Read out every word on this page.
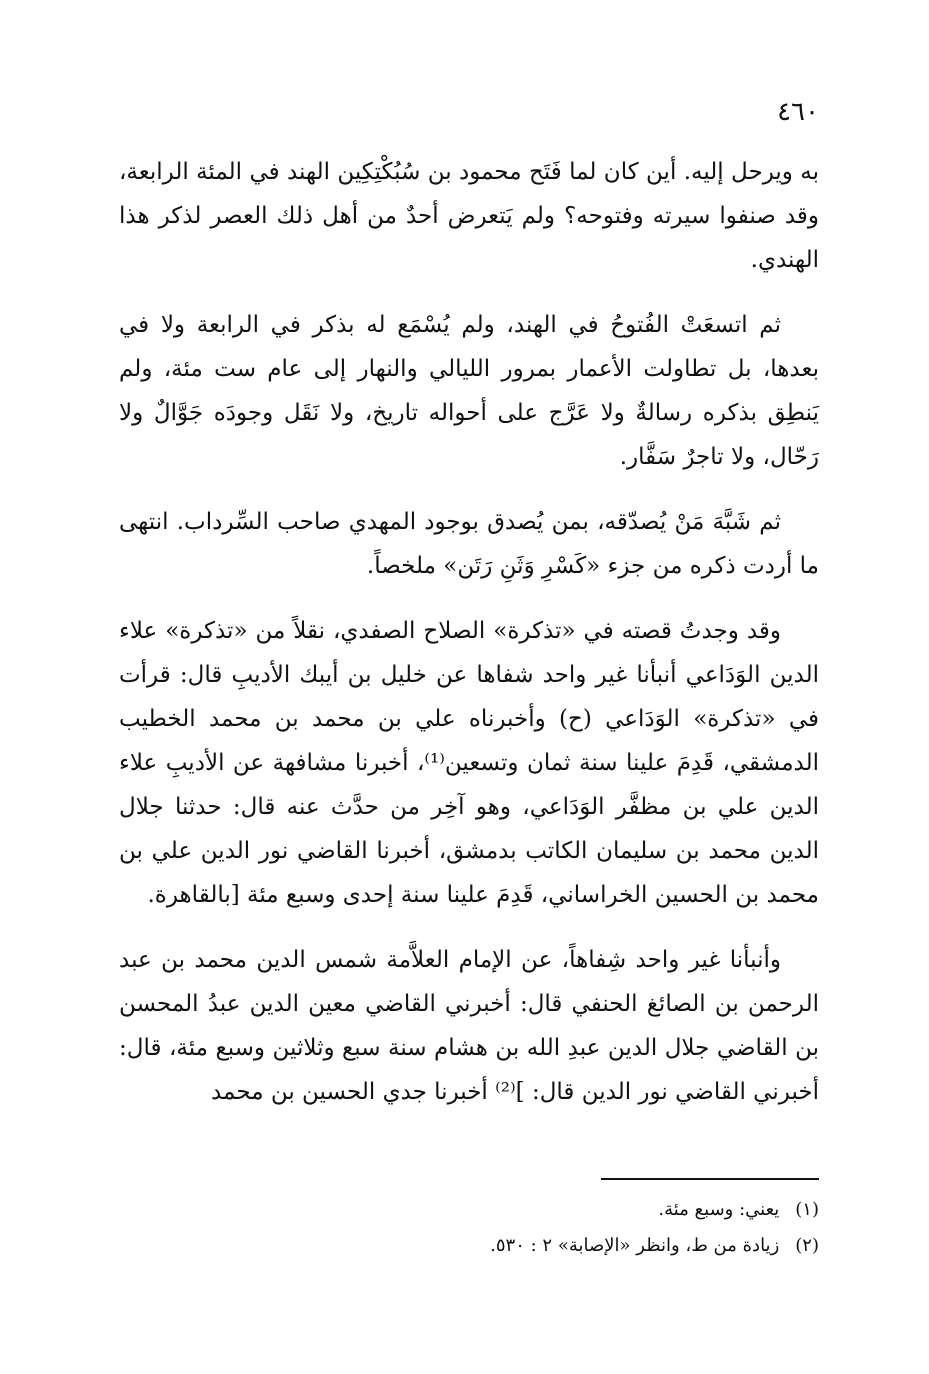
٤٦٠

به ويرحل إليه. أين كان لما فَتَح محمود بن سُبُكْتِكِين الهند في المئة الرابعة، وقد صنفوا سيرته وفتوحه؟ ولم يَتعرض أحدٌ من أهل ذلك العصر لذكر هذا الهندي.

ثم اتسعَتْ الفُتوحُ في الهند، ولم يُسْمَع له بذكر في الرابعة ولا في بعدها، بل تطاولت الأعمار بمرور الليالي والنهار إلى عام ست مئة، ولم يَنطِق بذكره رسالةٌ ولا عَرَّج على أحواله تاريخ، ولا نَقَل وجودَه جَوَّالٌ ولا رَحّال، ولا تاجرٌ سَفَّار.

ثم شَبَّهَ مَنْ يُصدّقه، بمن يُصدق بوجود المهدي صاحب السِّرداب. انتهى ما أردت ذكره من جزء «كَسْرِ وَثَنِ رَتَن» ملخصاً.

وقد وجدتُ قصته في «تذكرة» الصلاح الصفدي، نقلاً من «تذكرة» علاء الدين الوَدَاعي أنبأنا غير واحد شفاها عن خليل بن أيبك الأديبِ قال: قرأت في «تذكرة» الوَدَاعي (ح) وأخبرناه علي بن محمد بن محمد الخطيب الدمشقي، قَدِمَ علينا سنة ثمان وتسعين⁽¹⁾، أخبرنا مشافهة عن الأديبِ علاء الدين علي بن مظفَّر الوَدَاعي، وهو آخِر من حدَّث عنه قال: حدثنا جلال الدين محمد بن سليمان الكاتب بدمشق، أخبرنا القاضي نور الدين علي بن محمد بن الحسين الخراساني، قَدِمَ علينا سنة إحدى وسبع مئة [بالقاهرة.

وأنبأنا غير واحد شِفاهاً، عن الإمام العلاَّمة شمس الدين محمد بن عبد الرحمن بن الصائغ الحنفي قال: أخبرني القاضي معين الدين عبدُ المحسن بن القاضي جلال الدين عبدِ الله بن هشام سنة سبع وثلاثين وسبع مئة، قال: أخبرني القاضي نور الدين قال: ]⁽²⁾ أخبرنا جدي الحسين بن محمد

(١) يعني: وسبع مئة.
(٢) زيادة من ط، وانظر «الإصابة» ٢ : ٥٣٠.
